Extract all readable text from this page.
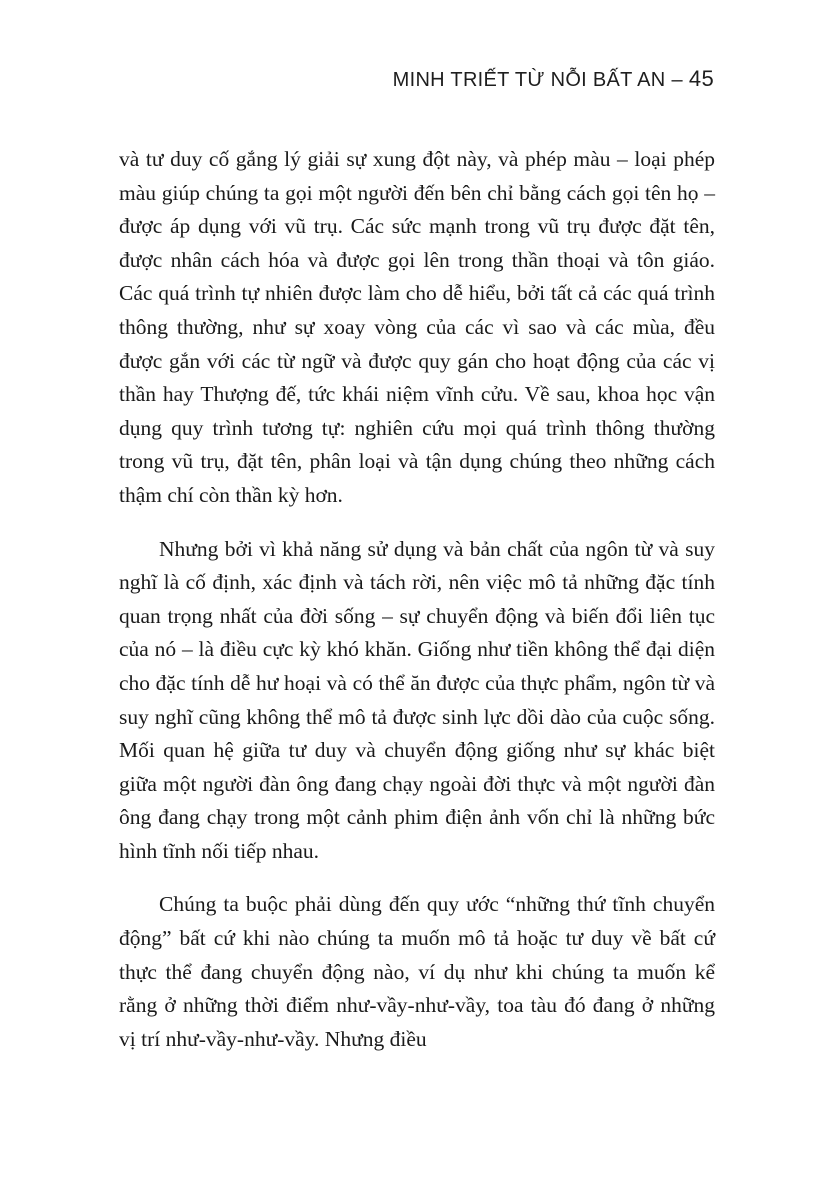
MINH TRIẾT TỪ NỖI BẤT AN – 45

và tư duy cố gắng lý giải sự xung đột này, và phép màu – loại phép màu giúp chúng ta gọi một người đến bên chỉ bằng cách gọi tên họ – được áp dụng với vũ trụ. Các sức mạnh trong vũ trụ được đặt tên, được nhân cách hóa và được gọi lên trong thần thoại và tôn giáo. Các quá trình tự nhiên được làm cho dễ hiểu, bởi tất cả các quá trình thông thường, như sự xoay vòng của các vì sao và các mùa, đều được gắn với các từ ngữ và được quy gán cho hoạt động của các vị thần hay Thượng đế, tức khái niệm vĩnh cửu. Về sau, khoa học vận dụng quy trình tương tự: nghiên cứu mọi quá trình thông thường trong vũ trụ, đặt tên, phân loại và tận dụng chúng theo những cách thậm chí còn thần kỳ hơn.

Nhưng bởi vì khả năng sử dụng và bản chất của ngôn từ và suy nghĩ là cố định, xác định và tách rời, nên việc mô tả những đặc tính quan trọng nhất của đời sống – sự chuyển động và biến đổi liên tục của nó – là điều cực kỳ khó khăn. Giống như tiền không thể đại diện cho đặc tính dễ hư hoại và có thể ăn được của thực phẩm, ngôn từ và suy nghĩ cũng không thể mô tả được sinh lực dồi dào của cuộc sống. Mối quan hệ giữa tư duy và chuyển động giống như sự khác biệt giữa một người đàn ông đang chạy ngoài đời thực và một người đàn ông đang chạy trong một cảnh phim điện ảnh vốn chỉ là những bức hình tĩnh nối tiếp nhau.

Chúng ta buộc phải dùng đến quy ước “những thứ tĩnh chuyển động” bất cứ khi nào chúng ta muốn mô tả hoặc tư duy về bất cứ thực thể đang chuyển động nào, ví dụ như khi chúng ta muốn kể rằng ở những thời điểm như-vầy-như-vầy, toa tàu đó đang ở những vị trí như-vầy-như-vầy. Nhưng điều
